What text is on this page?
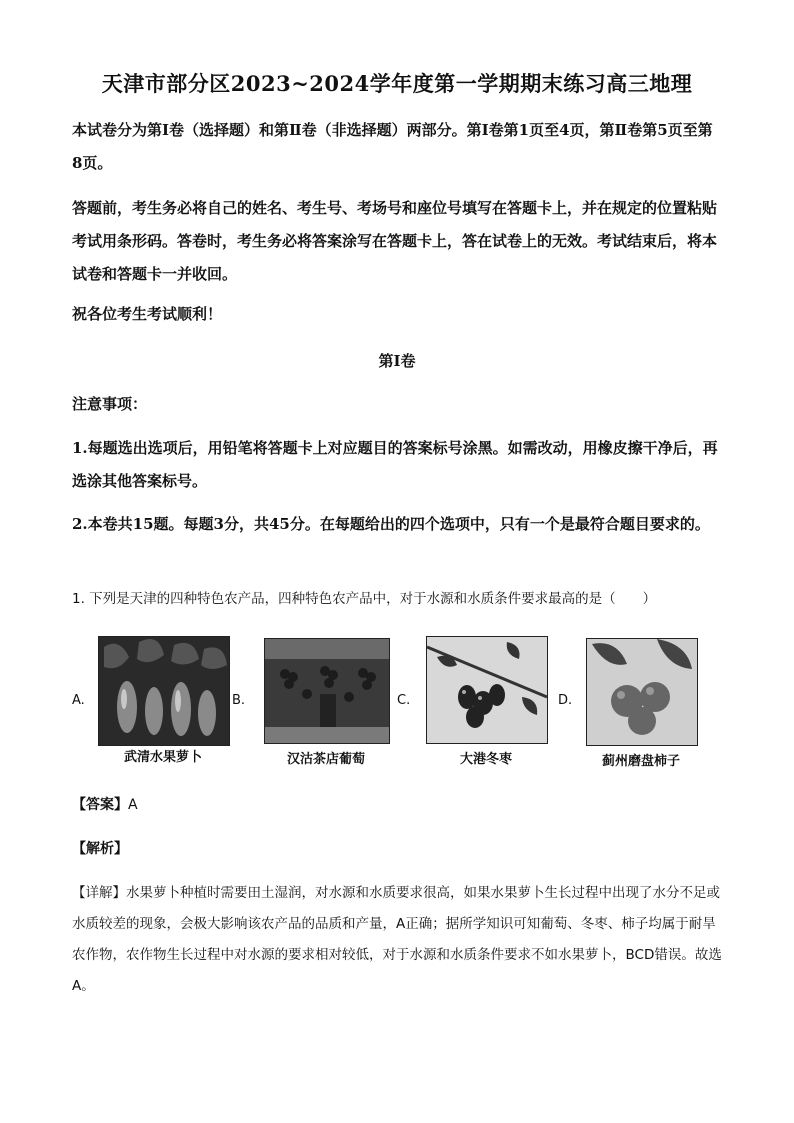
天津市部分区2023~2024学年度第一学期期末练习高三地理

本试卷分为第Ⅰ卷（选择题）和第Ⅱ卷（非选择题）两部分。第Ⅰ卷第1页至4页，第Ⅱ卷第5页至第8页。

答题前，考生务必将自己的姓名、考生号、考场号和座位号填写在答题卡上，并在规定的位置粘贴考试用条形码。答卷时，考生务必将答案涂写在答题卡上，答在试卷上的无效。考试结束后，将本试卷和答题卡一并收回。

祝各位考生考试顺利！

第Ⅰ卷

注意事项：

1.每题选出选项后，用铅笔将答题卡上对应题目的答案标号涂黑。如需改动，用橡皮擦干净后，再选涂其他答案标号。

2.本卷共15题。每题3分，共45分。在每题给出的四个选项中，只有一个是最符合题目要求的。

1. 下列是天津的四种特色农产品，四种特色农产品中，对于水源和水质条件要求最高的是（　　）

A.
武清水果萝卜
B.
汉沽茶店葡萄
C.
大港冬枣
D.
蓟州磨盘柿子
【答案】A
【解析】

【详解】水果萝卜种植时需要田土湿润，对水源和水质要求很高，如果水果萝卜生长过程中出现了水分不足或水质较差的现象，会极大影响该农产品的品质和产量，A正确；据所学知识可知葡萄、冬枣、柿子均属于耐旱农作物，农作物生长过程中对水源的要求相对较低，对于水源和水质条件要求不如水果萝卜，BCD错误。故选A。
